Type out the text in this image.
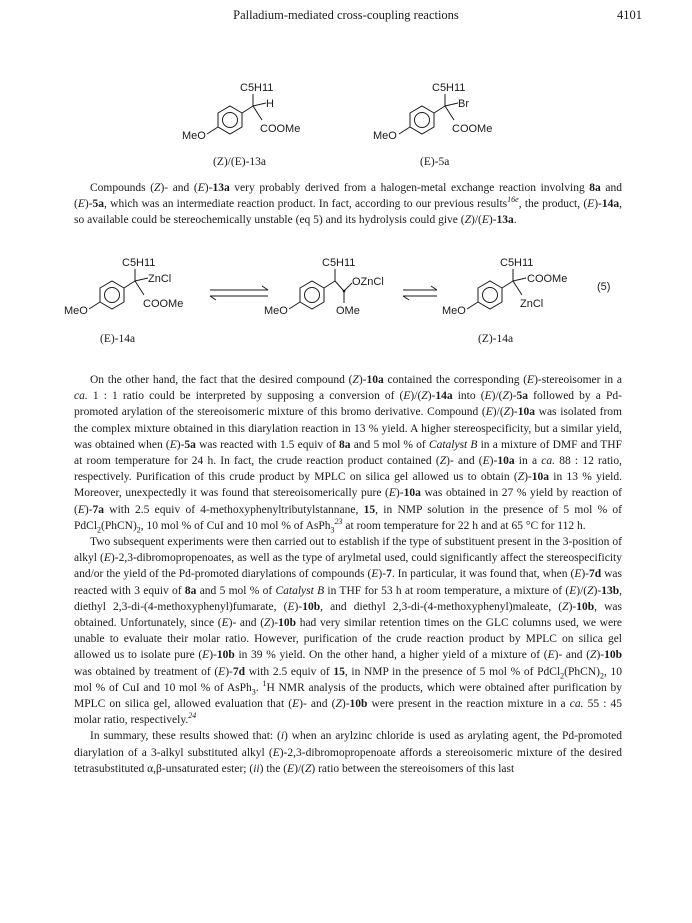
Palladium-mediated cross-coupling reactions	4101
C5H11
H
COOMe
MeO
(Z)/(E)-13a
C5H11
Br
COOMe
MeO
(E)-5a

Compounds (Z)- and (E)-13a very probably derived from a halogen-metal exchange reaction involving 8a and (E)-5a, which was an intermediate reaction product. In fact, according to our previous results$^{16e}$, the product, (E)-14a, so available could be stereochemically unstable (eq 5) and its hydrolysis could give (Z)/(E)-13a.

C5H11
ZnCl
COOMe
MeO
(E)-14a
C5H11
OZnCl
OMe
MeO
C5H11
COOMe
ZnCl
MeO
(5)
(Z)-14a

On the other hand, the fact that the desired compound (Z)-10a contained the corresponding (E)-stereoisomer in a ca. 1 : 1 ratio could be interpreted by supposing a conversion of (E)/(Z)-14a into (E)/(Z)-5a followed by a Pd-promoted arylation of the stereoisomeric mixture of this bromo derivative. Compound (E)/(Z)-10a was isolated from the complex mixture obtained in this diarylation reaction in 13 % yield. A higher stereospecificity, but a similar yield, was obtained when (E)-5a was reacted with 1.5 equiv of 8a and 5 mol % of Catalyst B in a mixture of DMF and THF at room temperature for 24 h. In fact, the crude reaction product contained (Z)- and (E)-10a in a ca. 88 : 12 ratio, respectively. Purification of this crude product by MPLC on silica gel allowed us to obtain (Z)-10a in 13 % yield. Moreover, unexpectedly it was found that stereoisomerically pure (E)-10a was obtained in 27 % yield by reaction of (E)-7a with 2.5 equiv of 4-methoxyphenyltributylstannane, 15, in NMP solution in the presence of 5 mol % of $PdCl_2(PhCN)_2$, 10 mol % of CuI and 10 mol % of AsPh$_3^{23}$ at room temperature for 22 h and at 65 °C for 112 h.

Two subsequent experiments were then carried out to establish if the type of substituent present in the 3-position of alkyl (E)-2,3-dibromopropenoates, as well as the type of arylmetal used, could significantly affect the stereospecificity and/or the yield of the Pd-promoted diarylations of compounds (E)-7. In particular, it was found that, when (E)-7d was reacted with 3 equiv of 8a and 5 mol % of Catalyst B in THF for 53 h at room temperature, a mixture of (E)/(Z)-13b, diethyl 2,3-di-(4-methoxyphenyl)fumarate, (E)-10b, and diethyl 2,3-di-(4-methoxyphenyl)maleate, (Z)-10b, was obtained. Unfortunately, since (E)- and (Z)-10b had very similar retention times on the GLC columns used, we were unable to evaluate their molar ratio. However, purification of the crude reaction product by MPLC on silica gel allowed us to isolate pure (E)-10b in 39 % yield. On the other hand, a higher yield of a mixture of (E)- and (Z)-10b was obtained by treatment of (E)-7d with 2.5 equiv of 15, in NMP in the presence of 5 mol % of $PdCl_2(PhCN)_2$, 10 mol % of CuI and 10 mol % of AsPh$_3$. $^1$H NMR analysis of the products, which were obtained after purification by MPLC on silica gel, allowed evaluation that (E)- and (Z)-10b were present in the reaction mixture in a ca. 55 : 45 molar ratio, respectively.$^{24}$

In summary, these results showed that: (i) when an arylzinc chloride is used as arylating agent, the Pd-promoted diarylation of a 3-alkyl substituted alkyl (E)-2,3-dibromopropenoate affords a stereoisomeric mixture of the desired tetrasubstituted α,β-unsaturated ester; (ii) the (E)/(Z) ratio between the stereoisomers of this last
